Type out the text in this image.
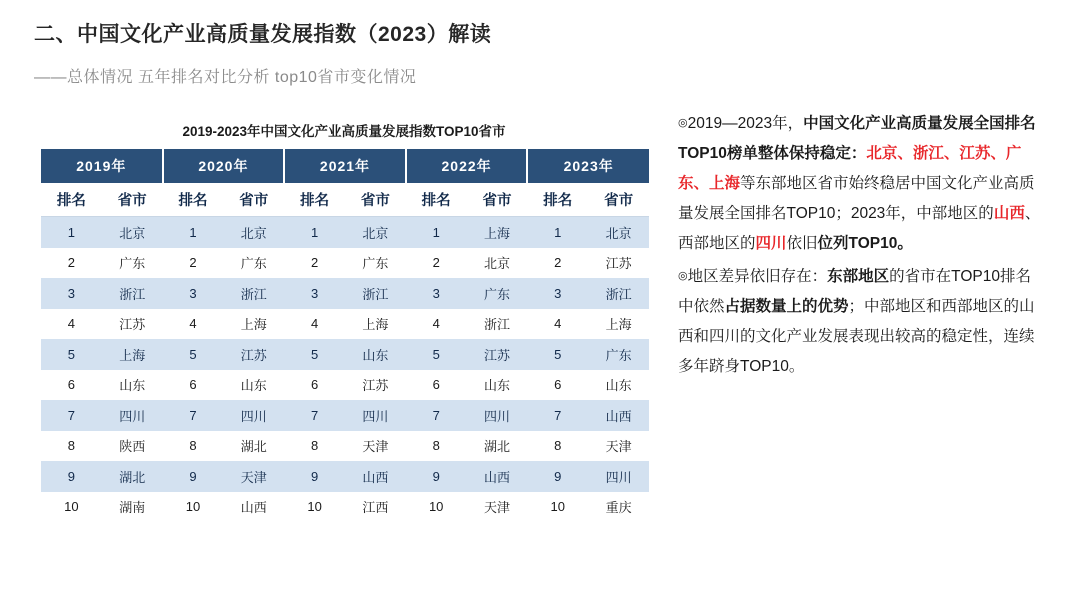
二、中国文化产业高质量发展指数（2023）解读
——总体情况 五年排名对比分析 top10省市变化情况
2019-2023年中国文化产业高质量发展指数TOP10省市
2019年		2020年		2021年		2022年		2023年	
排名	省市	排名	省市	排名	省市	排名	省市	排名	省市
1	北京	1	北京	1	北京	1	上海	1	北京
2	广东	2	广东	2	广东	2	北京	2	江苏
3	浙江	3	浙江	3	浙江	3	广东	3	浙江
4	江苏	4	上海	4	上海	4	浙江	4	上海
5	上海	5	江苏	5	山东	5	江苏	5	广东
6	山东	6	山东	6	江苏	6	山东	6	山东
7	四川	7	四川	7	四川	7	四川	7	山西
8	陕西	8	湖北	8	天津	8	湖北	8	天津
9	湖北	9	天津	9	山西	9	山西	9	四川
10	湖南	10	山西	10	江西	10	天津	10	重庆

◎2019—2023年，中国文化产业高质量发展全国排名TOP10榜单整体保持稳定：北京、浙江、江苏、广东、上海等东部地区省市始终稳居中国文化产业高质量发展全国排名TOP10；2023年，中部地区的山西、西部地区的四川依旧位列TOP10。

◎地区差异依旧存在：东部地区的省市在TOP10排名中依然占据数量上的优势；中部地区和西部地区的山西和四川的文化产业发展表现出较高的稳定性，连续多年跻身TOP10。
